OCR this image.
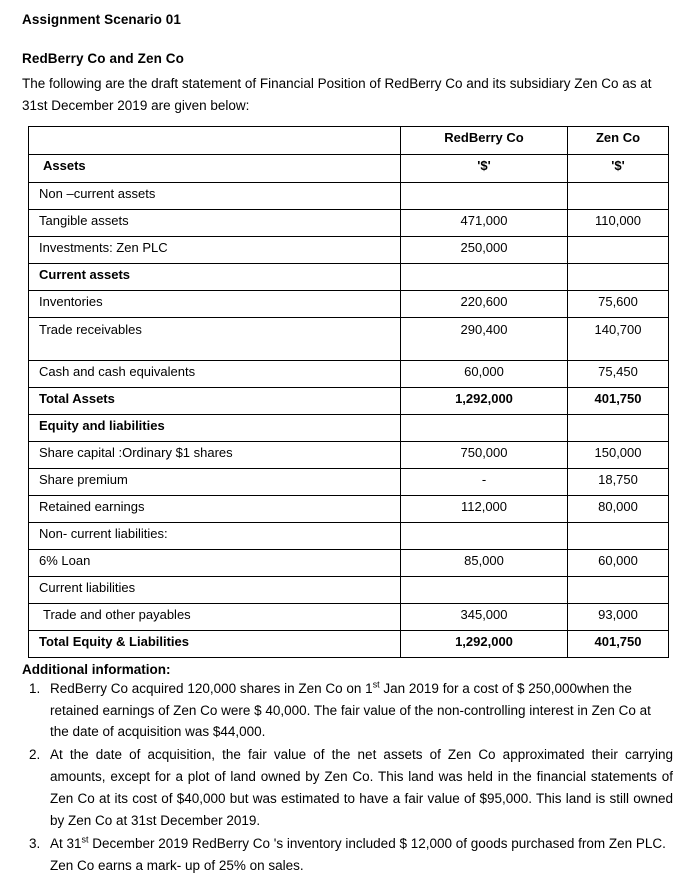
Assignment Scenario 01
RedBerry Co and Zen Co

The following are the draft statement of Financial Position of RedBerry Co and its subsidiary Zen Co as at 31st December 2019 are given below:

	RedBerry Co	Zen Co

Assets	'$'	'$'

Non –current assets		

Tangible assets	471,000	110,000

Investments: Zen PLC	250,000	

Current assets		

Inventories	220,600	75,600

Trade receivables	290,400	140,700

Cash and cash equivalents	60,000	75,450

Total Assets	1,292,000	401,750

Equity and liabilities		

Share capital :Ordinary $1 shares	750,000	150,000

Share premium	-	18,750

Retained earnings	112,000	80,000

Non- current liabilities:		

6% Loan	85,000	60,000

Current liabilities		

Trade and other payables	345,000	93,000

Total Equity & Liabilities	1,292,000	401,750
Additional information:
1. RedBerry Co acquired 120,000 shares in Zen Co on 1st Jan 2019 for a cost of $ 250,000when the retained earnings of Zen Co were $ 40,000. The fair value of the non-controlling interest in Zen Co at the date of acquisition was $44,000.
2. At the date of acquisition, the fair value of the net assets of Zen Co approximated their carrying amounts, except for a plot of land owned by Zen Co. This land was held in the financial statements of Zen Co at its cost of $40,000 but was estimated to have a fair value of $95,000. This land is still owned by Zen Co at 31st December 2019.
3. At 31st December 2019 RedBerry Co 's inventory included $ 12,000 of goods purchased from Zen PLC. Zen Co earns a mark- up of 25% on sales.
